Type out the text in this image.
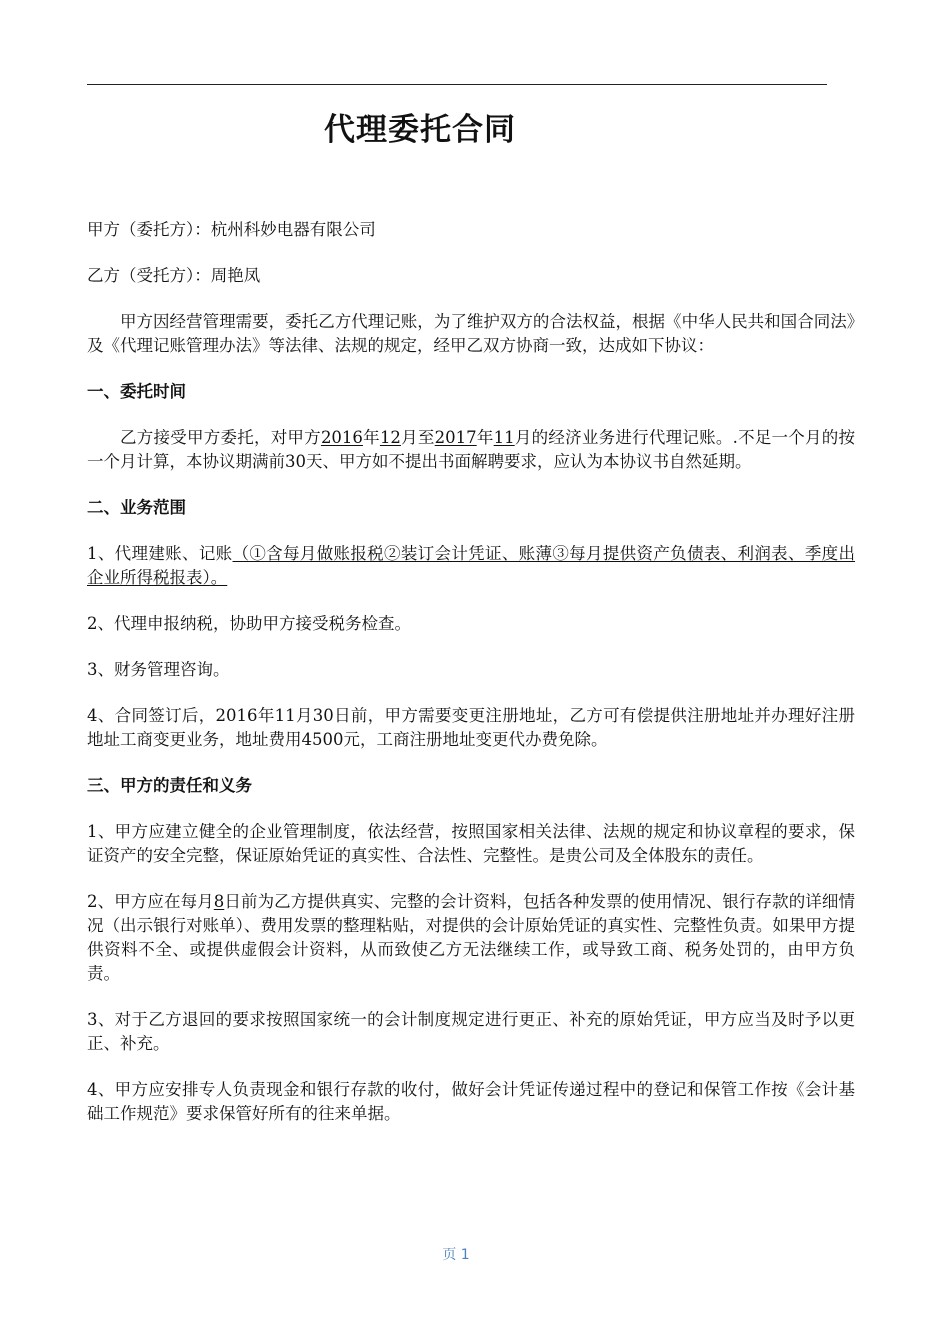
代理委托合同

甲方（委托方）：杭州科妙电器有限公司

乙方（受托方）：周艳凤

甲方因经营管理需要，委托乙方代理记账，为了维护双方的合法权益，根据《中华人民共和国合同法》及《代理记账管理办法》等法律、法规的规定，经甲乙双方协商一致，达成如下协议：

一、委托时间

乙方接受甲方委托，对甲方2016年12月至2017年11月的经济业务进行代理记账。.不足一个月的按一个月计算，本协议期满前30天、甲方如不提出书面解聘要求，应认为本协议书自然延期。

二、业务范围

1、代理建账、记账（①含每月做账报税②装订会计凭证、账薄③每月提供资产负债表、利润表、季度出企业所得税报表）。

2、代理申报纳税，协助甲方接受税务检查。

3、财务管理咨询。

4、合同签订后，2016年11月30日前，甲方需要变更注册地址，乙方可有偿提供注册地址并办理好注册地址工商变更业务，地址费用4500元，工商注册地址变更代办费免除。

三、甲方的责任和义务

1、甲方应建立健全的企业管理制度，依法经营，按照国家相关法律、法规的规定和协议章程的要求，保证资产的安全完整，保证原始凭证的真实性、合法性、完整性。是贵公司及全体股东的责任。

2、甲方应在每月8日前为乙方提供真实、完整的会计资料，包括各种发票的使用情况、银行存款的详细情况（出示银行对账单）、费用发票的整理粘贴，对提供的会计原始凭证的真实性、完整性负责。如果甲方提供资料不全、或提供虚假会计资料，从而致使乙方无法继续工作，或导致工商、税务处罚的，由甲方负责。

3、对于乙方退回的要求按照国家统一的会计制度规定进行更正、补充的原始凭证，甲方应当及时予以更正、补充。

4、甲方应安排专人负责现金和银行存款的收付，做好会计凭证传递过程中的登记和保管工作按《会计基础工作规范》要求保管好所有的往来单据。

页 1
